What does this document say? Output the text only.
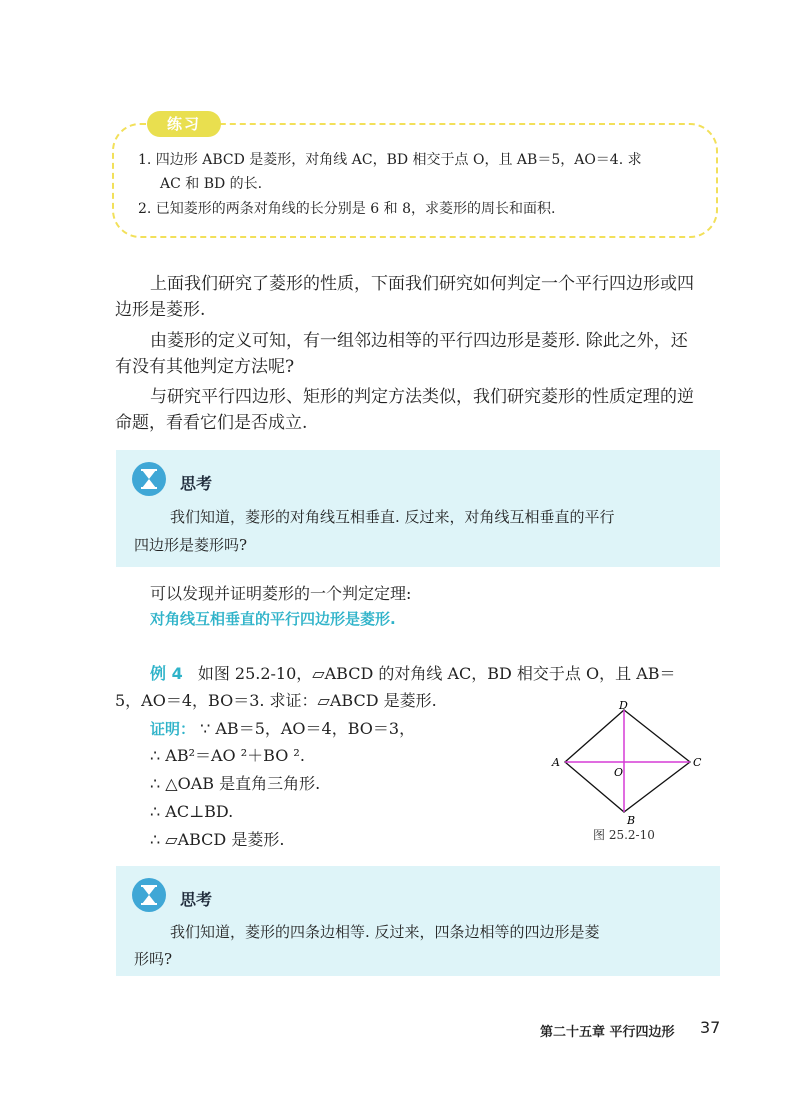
练习
1. 四边形 ABCD 是菱形，对角线 AC，BD 相交于点 O，且 AB＝5，AO＝4. 求
AC 和 BD 的长.
2. 已知菱形的两条对角线的长分别是 6 和 8，求菱形的周长和面积.
上面我们研究了菱形的性质，下面我们研究如何判定一个平行四边形或四
边形是菱形.
由菱形的定义可知，有一组邻边相等的平行四边形是菱形. 除此之外，还
有没有其他判定方法呢?
与研究平行四边形、矩形的判定方法类似，我们研究菱形的性质定理的逆
命题，看看它们是否成立.
思考
我们知道，菱形的对角线互相垂直. 反过来，对角线互相垂直的平行
四边形是菱形吗?
可以发现并证明菱形的一个判定定理:
对角线互相垂直的平行四边形是菱形.
例 4 如图 25.2-10，▱ABCD 的对角线 AC，BD 相交于点 O，且 AB＝
5，AO＝4，BO＝3. 求证：▱ABCD 是菱形.
证明： ∵ AB＝5，AO＝4，BO＝3，
∴ AB²＝AO ²＋BO ².
∴ △OAB 是直角三角形.
∴ AC⊥BD.
∴ ▱ABCD 是菱形.
A	C
D
B
O
图 25.2-10
思考
我们知道，菱形的四条边相等. 反过来，四条边相等的四边形是菱
形吗?
第二十五章 平行四边形 37
